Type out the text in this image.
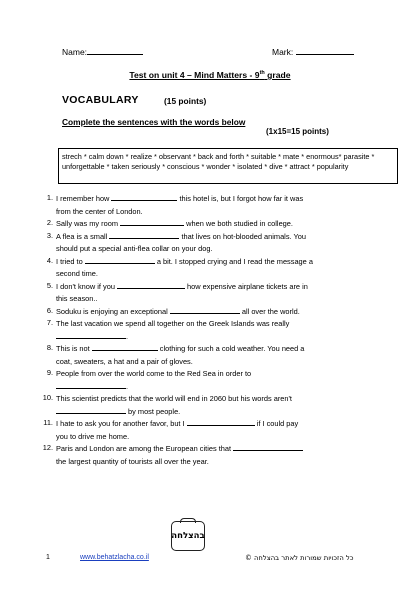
Name:	Mark:
Test on unit 4 – Mind Matters - 9th grade
VOCABULARY	(15 points)
Complete the sentences with the words below
(1x15=15 points)
strech * calm down * realize * observant * back and forth * suitable * mate * enormous* parasite * unforgettable * taken seriously * conscious * wonder * isolated * dive * attract * popularity
1. I remember how	this hotel is, but I forgot how far it was
from the center of London.
2. Sally was my room	when we both studied in college.
3. A flea is a small	that lives on hot-blooded animals. You
should put a special anti-flea collar on your dog.
4. I tried to	a bit. I stopped crying and I read the message a
second time.
5. I don't know if you	how expensive airplane tickets are in
this season..
6. Soduku is enjoying an exceptional	all over the world.
7. The last vacation we spend all together on the Greek Islands was really
.
8. This is not	clothing for such a cold weather. You need a
coat, sweaters, a hat and a pair of gloves.
9. People from over the world come to the Red Sea in order to
.
10. This scientist predicts that the world will end in 2060 but his words aren't
by most people.
11. I hate to ask you for another favor, but I	if I could pay
you to drive me home.
12. Paris and London are among the European cities that
the largest quantity of tourists all over the year.
בהצלחה
1	www.behatzlacha.co.il	כל הזכויות שמורות לאתר בהצלחה ©
